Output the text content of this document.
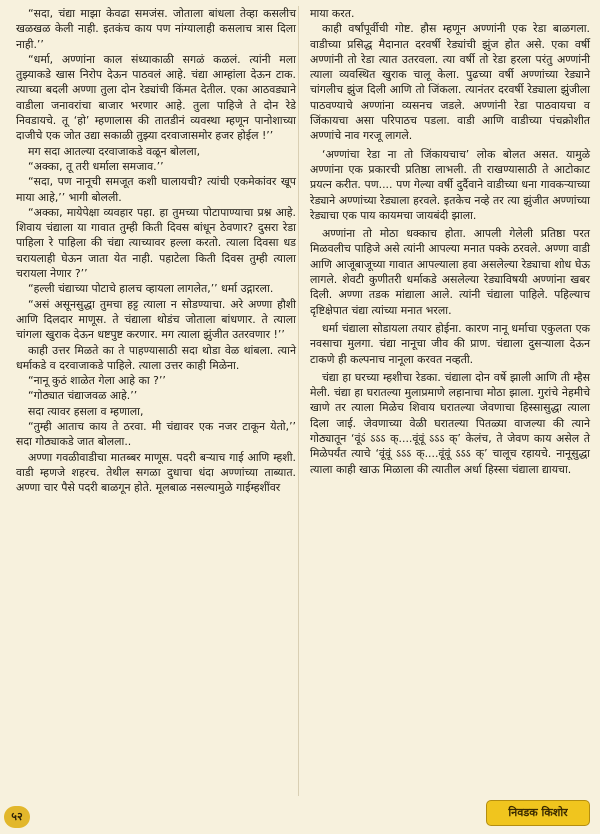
“सदा, चंद्या माझा केवढा समजंस. जोताला बांधला तेव्हा कसलीच खळखळ केली नाही. इतकंच काय पण नांग्यालाही कसलाच त्रास दिला नाही.’’

“धर्मा, अण्णांना काल संध्याकाळी सगळं कळलं. त्यांनी मला तुझ्याकडे खास निरोप देऊन पाठवलं आहे. चंद्या आम्हांला देऊन टाक. त्याच्या बदली अण्णा तुला दोन रेड्यांची किंमत देतील. एका आठवड्याने वाडीला जनावरांचा बाजार भरणार आहे. तुला पाहिजे ते दोन रेडे निवडायचे. तू ‘हो’ म्हणालास की तातडीनं व्यवस्था म्हणून पानोशाच्या दाजीचे एक जोत उद्या सकाळी तुझ्या दरवाजासमोर हजर होईल !’’

मग सदा आतल्या दरवाजाकडे वळून बोलला,

“अक्का, तू तरी धर्माला समजाव.’’

“सदा, पण नानूची समजूत कशी घालायची? त्यांची एकमेकांवर खूप माया आहे,’’ भागी बोलली.

“अक्का, मायेपेक्षा व्यवहार पहा. हा तुमच्या पोटापाण्याचा प्रश्न आहे. शिवाय चंद्याला या गावात तुम्ही किती दिवस बांधून ठेवणार? दुसरा रेडा पाहिला रे पाहिला की चंद्या त्याच्यावर हल्ला करतो. त्याला दिवसा धड चरायलाही घेऊन जाता येत नाही. पहाटेला किती दिवस तुम्ही त्याला चरायला नेणार ?’’

“हल्ली चंद्याच्या पोटाचे हालच व्हायला लागलेत,’’ धर्मा उद्गारला.

“असं असूनसुद्धा तुमचा हट्ट त्याला न सोडण्याचा. अरे अण्णा हौशी आणि दिलदार माणूस. ते चंद्याला थोडंच जोताला बांधणार. ते त्याला चांगला खुराक देऊन धष्टपुष्ट करणार. मग त्याला झुंजीत उतरवणार !’’

काही उत्तर मिळते का ते पाहण्यासाठी सदा थोडा वेळ थांबला. त्याने धर्माकडे व दरवाजाकडे पाहिले. त्याला उत्तर काही मिळेना.

“नानू कुठं शाळेत गेला आहे का ?’’

“गोठ्यात चंद्याजवळ आहे.’’

सदा त्यावर हसला व म्हणाला,

“तुम्ही आताच काय ते ठरवा. मी चंद्यावर एक नजर टाकून येतो,’’ सदा गोठ्याकडे जात बोलला..

अण्णा गवळीवाडीचा मातब्बर माणूस. पदरी बऱ्याच गाई आणि म्हशी. वाडी म्हणजे शहरच. तेथील सगळा दुधाचा धंदा अण्णांच्या ताब्यात. अण्णा चार पैसे पदरी बाळगून होते. मूलबाळ नसल्यामुळे गाईम्हशींवर

माया करत.

काही वर्षांपूर्वीची गोष्ट. हौस म्हणून अण्णांनी एक रेडा बाळगला. वाडीच्या प्रसिद्ध मैदानात दरवर्षी रेड्यांची झुंज होत असे. एका वर्षी अण्णांनी तो रेडा त्यात उतरवला. त्या वर्षी तो रेडा हरला परंतु अण्णांनी त्याला व्यवस्थित खुराक चालू केला. पुढच्या वर्षी अण्णांच्या रेड्याने चांगलीच झुंज दिली आणि तो जिंकला. त्यानंतर दरवर्षी रेड्याला झुंजीला पाठवण्याचे अण्णांना व्यसनच जडले. अण्णांनी रेडा पाठवायचा व जिंकायचा असा परिपाठच पडला. वाडी आणि वाडीच्या पंचक्रोशीत अण्णांचे नाव गरजू लागले.

‘अण्णांचा रेडा ना तो जिंकायचाच’ लोक बोलत असत. यामुळे अण्णांना एक प्रकारची प्रतिष्ठा लाभली. ती राखण्यासाठी ते आटोकाट प्रयत्न करीत. पण.... पण गेल्या वर्षी दुर्दैवाने वाडीच्या धना गावकऱ्याच्या रेड्याने अण्णांच्या रेड्याला हरवले. इतकेच नव्हे तर त्या झुंजीत अण्णांच्या रेड्याचा एक पाय कायमचा जायबंदी झाला.

अण्णांना तो मोठा धक्काच होता. आपली गेलेली प्रतिष्ठा परत मिळवलीच पाहिजे असे त्यांनी आपल्या मनात पक्के ठरवले. अण्णा वाडी आणि आजूबाजूच्या गावात आपल्याला हवा असलेल्या रेड्याचा शोध घेऊ लागले. शेवटी कुणीतरी धर्माकडे असलेल्या रेड्याविषयी अण्णांना खबर दिली. अण्णा तडक मांद्याला आले. त्यांनी चंद्याला पाहिले. पहिल्याच दृष्टिक्षेपात चंद्या त्यांच्या मनात भरला.

धर्मा चंद्याला सोडायला तयार होईना. कारण नानू धर्माचा एकुलता एक नवसाचा मुलगा. चंद्या नानूचा जीव की प्राण. चंद्याला दुसऱ्याला देऊन टाकणे ही कल्पनाच नानूला करवत नव्हती.

चंद्या हा घरच्या म्हशीचा रेडका. चंद्याला दोन वर्षे झाली आणि ती म्हैस मेली. चंद्या हा घरातल्या मुलाप्रमाणे लहानाचा मोठा झाला. गुरांचे नेहमीचे खाणे तर त्याला मिळेच शिवाय घरातल्या जेवणाचा हिस्सासुद्धा त्याला दिला जाई. जेवणाच्या वेळी घरातल्या पितळ्या वाजल्या की त्याने गोठ्यातून ‘वूंऽं ऽऽऽ क्‌....वूंवूं ऽऽऽ क्‌’ केलंच, ते जेवण काय असेल ते मिळेपर्यंत त्याचे ‘वूंवूं ऽऽऽ क्‌....वूंवूं ऽऽऽ क्‌’ चालूच रहायचे. नानूसुद्धा त्याला काही खाऊ मिळाला की त्यातील अर्धा हिस्सा चंद्याला द्यायचा.

५२	निवडक किशोर
